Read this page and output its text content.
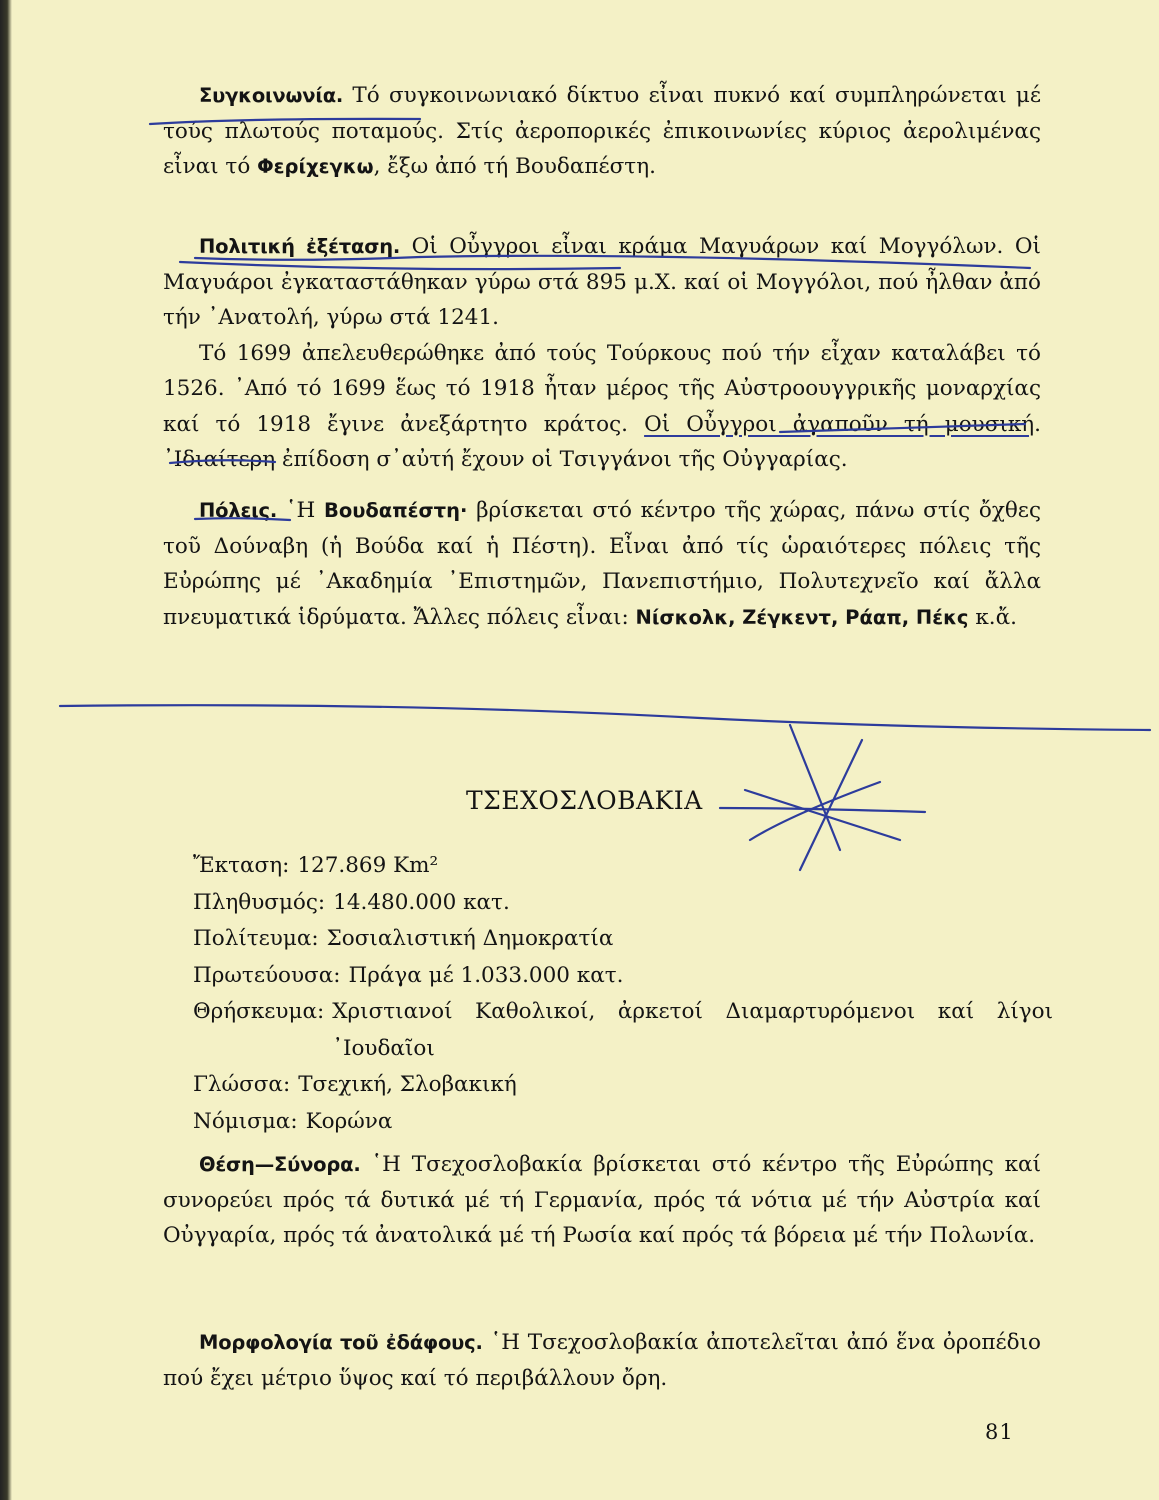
Συγκοινωνία. Τό συγκοινωνιακό δίκτυο εἶναι πυκνό καί συμπληρώνεται μέ τούς πλωτούς ποταμούς. Στίς ἀεροπορικές ἐπικοινωνίες κύριος ἀερολιμένας εἶναι τό Φερίχεγκω, ἔξω ἀπό τή Βουδαπέστη.

Πολιτική ἐξέταση. Οἱ Οὖγγροι εἶναι κράμα Μαγυάρων καί Μογγόλων. Οἱ Μαγυάροι ἐγκαταστάθηκαν γύρω στά 895 μ.Χ. καί οἱ Μογγόλοι, πού ἦλθαν ἀπό τήν ᾿Ανατολή, γύρω στά 1241.

Τό 1699 ἀπελευθερώθηκε ἀπό τούς Τούρκους πού τήν εἶχαν καταλάβει τό 1526. ᾿Από τό 1699 ἕως τό 1918 ἦταν μέρος τῆς Αὐστροουγγρικῆς μοναρχίας καί τό 1918 ἔγινε ἀνεξάρτητο κράτος. Οἱ Οὖγγροι ἀγαποῦν τή μουσική. ᾿Ιδιαίτερη ἐπίδοση σ᾿αὐτή ἔχουν οἱ Τσιγγάνοι τῆς Οὐγγαρίας.

Πόλεις. ῾Η Βουδαπέστη· βρίσκεται στό κέντρο τῆς χώρας, πάνω στίς ὄχθες τοῦ Δούναβη (ἡ Βούδα καί ἡ Πέστη). Εἶναι ἀπό τίς ὡραιότερες πόλεις τῆς Εὐρώπης μέ ᾿Ακαδημία ᾿Επιστημῶν, Πανεπιστήμιο, Πολυτεχνεῖο καί ἄλλα πνευματικά ἱδρύματα. Ἄλλες πόλεις εἶναι: Νίσκολκ, Ζέγκεντ, Ράαπ, Πέκς κ.ἄ.

ΤΣΕΧΟΣΛΟΒΑΚΙΑ
Ἔκταση: 127.869 Km²
Πληθυσμός: 14.480.000 κατ.
Πολίτευμα: Σοσιαλιστική Δημοκρατία
Πρωτεύουσα: Πράγα μέ 1.033.000 κατ.
Θρήσκευμα: Χριστιανοί Καθολικοί, ἀρκετοί Διαμαρτυρόμενοι καί λίγοι ᾿Ιουδαῖοι
Γλώσσα: Τσεχική, Σλοβακική
Νόμισμα: Κορώνα

Θέση—Σύνορα. ῾Η Τσεχοσλοβακία βρίσκεται στό κέντρο τῆς Εὐρώπης καί συνορεύει πρός τά δυτικά μέ τή Γερμανία, πρός τά νότια μέ τήν Αὐστρία καί Οὐγγαρία, πρός τά ἀνατολικά μέ τή Ρωσία καί πρός τά βόρεια μέ τήν Πολωνία.

Μορφολογία τοῦ ἐδάφους. ῾Η Τσεχοσλοβακία ἀποτελεῖται ἀπό ἕνα ὀροπέδιο πού ἔχει μέτριο ὕψος καί τό περιβάλλουν ὄρη.

81
